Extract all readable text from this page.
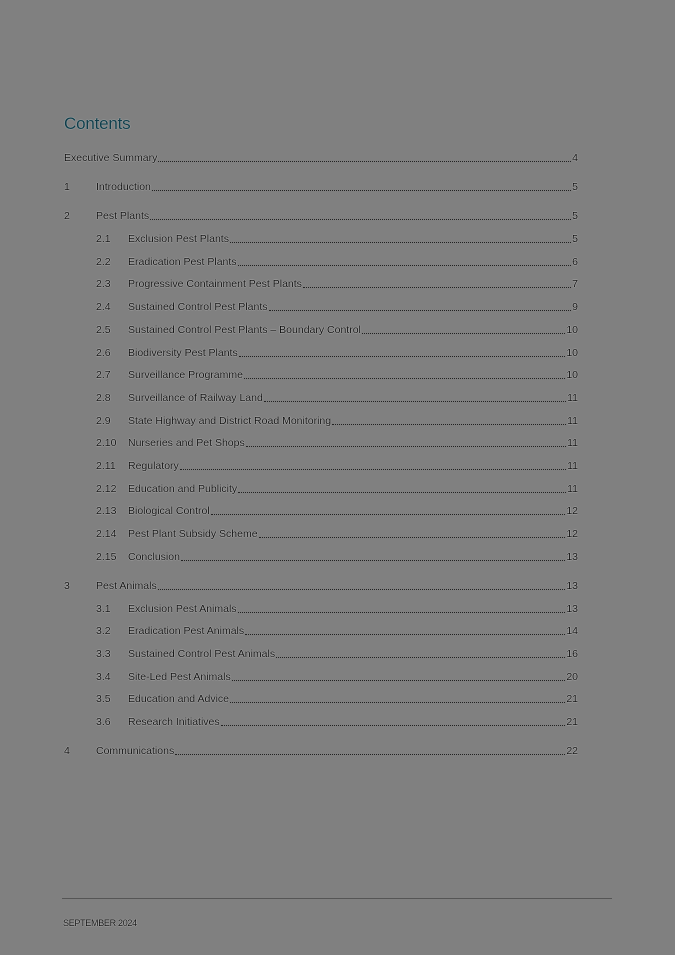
Contents
Executive Summary	4
1	Introduction	5
2	Pest Plants	5
2.1	Exclusion Pest Plants	5
2.2	Eradication Pest Plants	6
2.3	Progressive Containment Pest Plants	7
2.4	Sustained Control Pest Plants	9
2.5	Sustained Control Pest Plants – Boundary Control	10
2.6	Biodiversity Pest Plants	10
2.7	Surveillance Programme	10
2.8	Surveillance of Railway Land	11
2.9	State Highway and District Road Monitoring	11
2.10	Nurseries and Pet Shops	11
2.11	Regulatory	11
2.12	Education and Publicity	11
2.13	Biological Control	12
2.14	Pest Plant Subsidy Scheme	12
2.15	Conclusion	13
3	Pest Animals	13
3.1	Exclusion Pest Animals	13
3.2	Eradication Pest Animals	14
3.3	Sustained Control Pest Animals	16
3.4	Site-Led Pest Animals	20
3.5	Education and Advice	21
3.6	Research Initiatives	21
4	Communications	22
SEPTEMBER 2024
